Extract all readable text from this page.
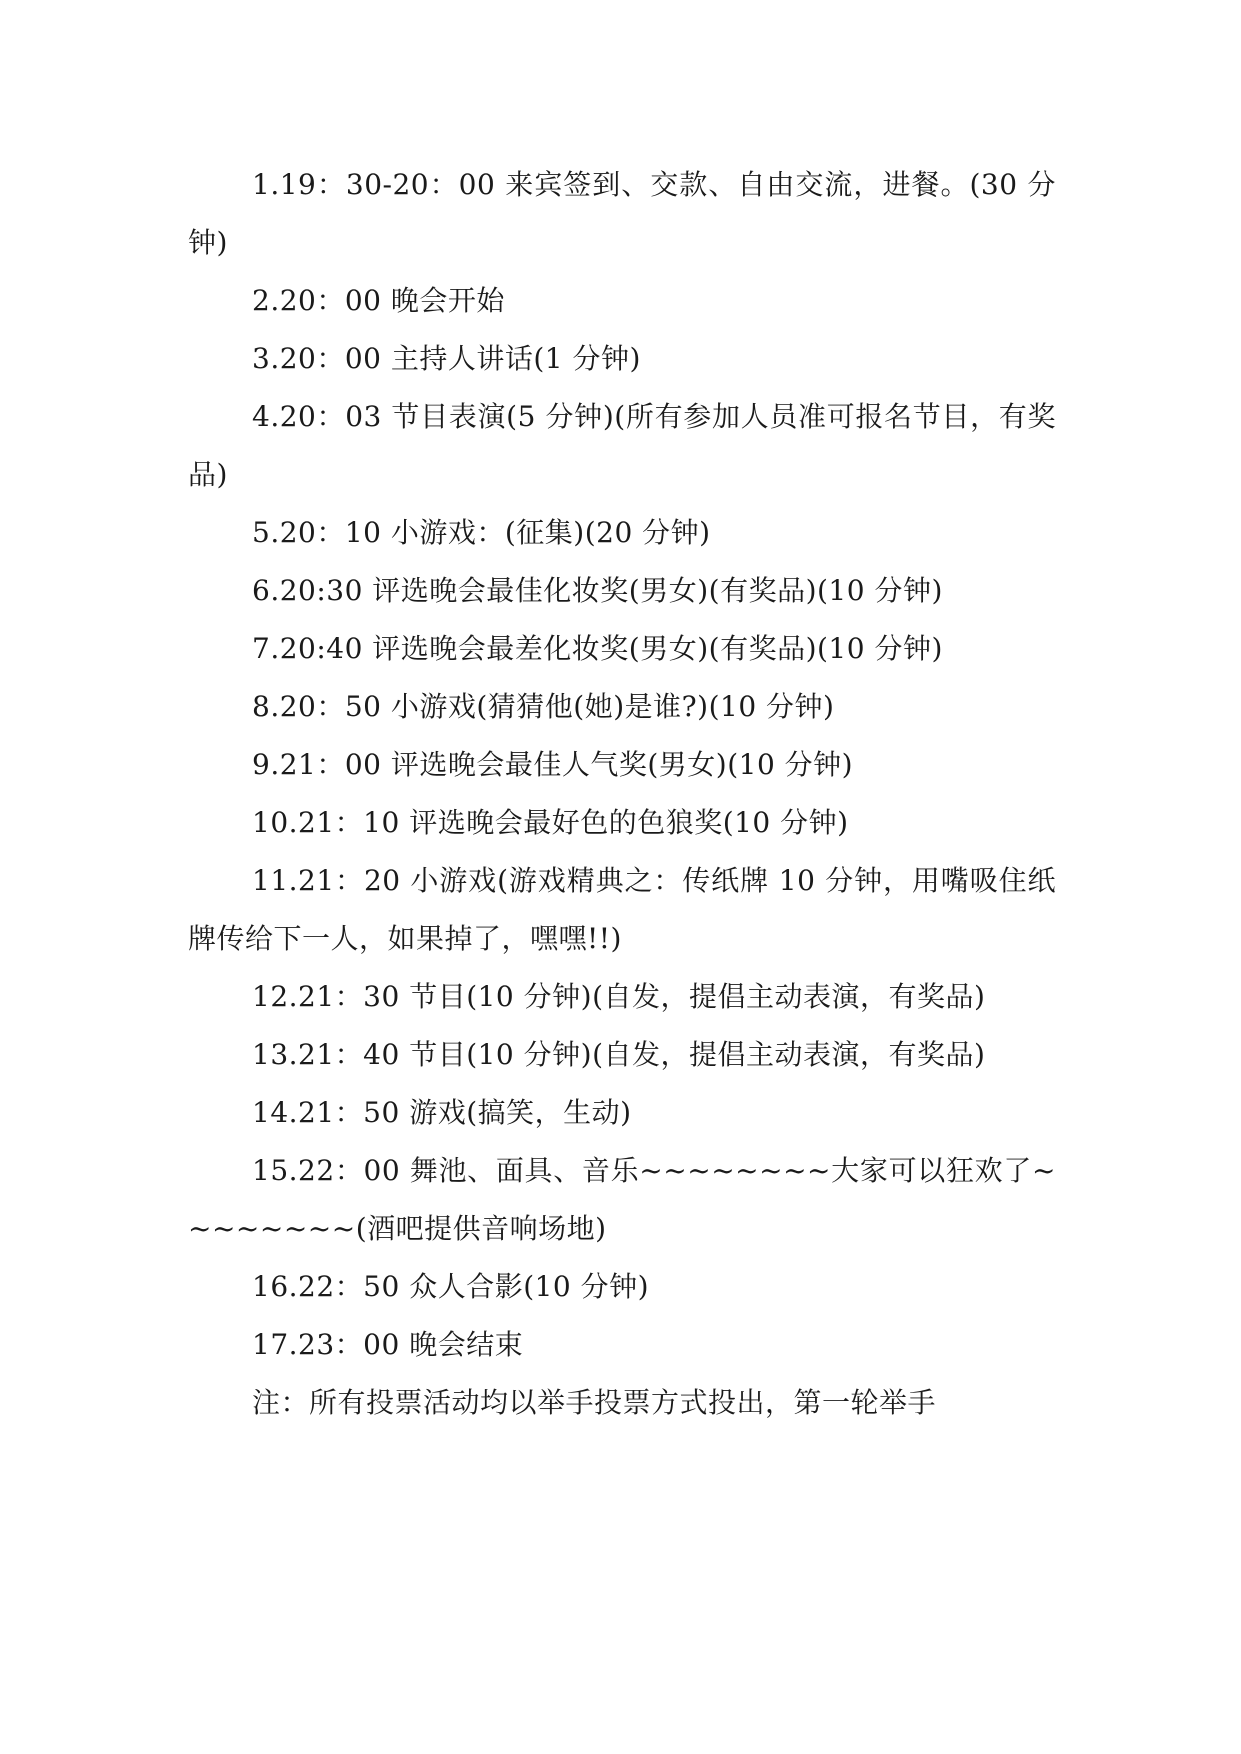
1.19：30-20：00 来宾签到、交款、自由交流，进餐。(30 分钟)

2.20：00 晚会开始

3.20：00 主持人讲话(1 分钟)

4.20：03 节目表演(5 分钟)(所有参加人员准可报名节目，有奖品)

5.20：10 小游戏：(征集)(20 分钟)

6.20:30 评选晚会最佳化妆奖(男女)(有奖品)(10 分钟)

7.20:40 评选晚会最差化妆奖(男女)(有奖品)(10 分钟)

8.20：50 小游戏(猜猜他(她)是谁?)(10 分钟)

9.21：00 评选晚会最佳人气奖(男女)(10 分钟)

10.21：10 评选晚会最好色的色狼奖(10 分钟)

11.21：20 小游戏(游戏精典之：传纸牌 10 分钟，用嘴吸住纸牌传给下一人，如果掉了，嘿嘿!!)

12.21：30 节目(10 分钟)(自发，提倡主动表演，有奖品)

13.21：40 节目(10 分钟)(自发，提倡主动表演，有奖品)

14.21：50 游戏(搞笑，生动)

15.22：00 舞池、面具、音乐~~~~~~~~大家可以狂欢了~~~~~~~~(酒吧提供音响场地)

16.22：50 众人合影(10 分钟)

17.23：00 晚会结束

注：所有投票活动均以举手投票方式投出，第一轮举手
